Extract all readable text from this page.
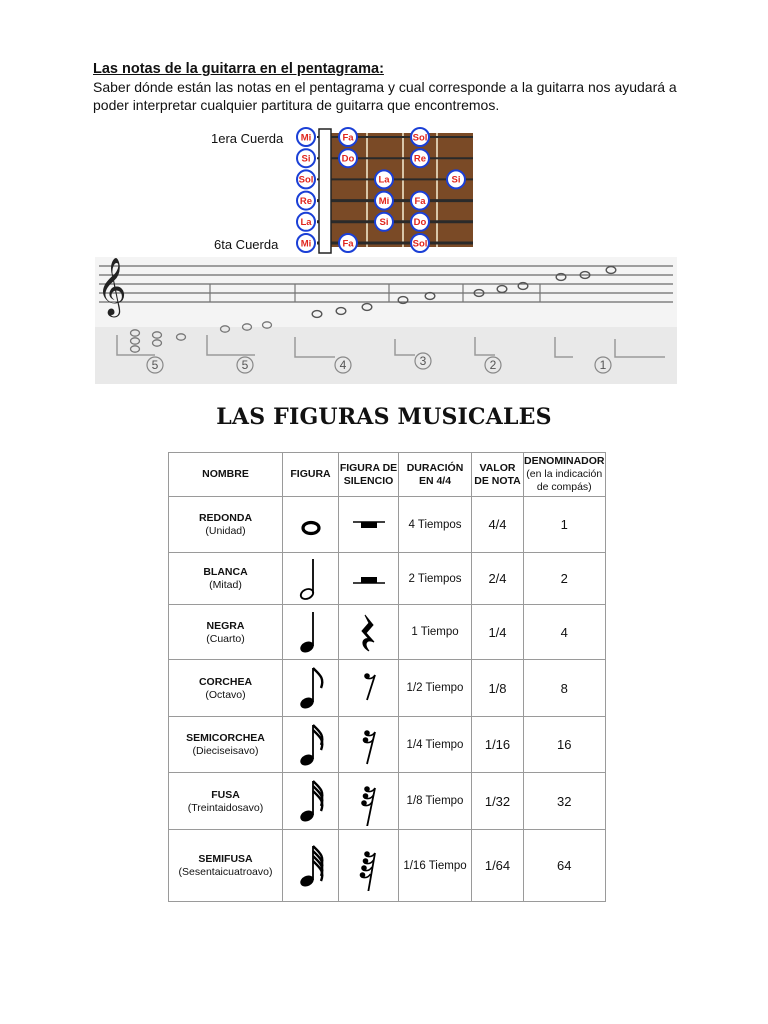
Las notas de la guitarra en el pentagrama:

Saber dónde están las notas en el pentagrama y cual corresponde a la guitarra nos ayudará a poder interpretar cualquier partitura de guitarra que encontremos.

1era Cuerda
6ta Cuerda
Mi	Fa	Sol
Si	Do	Re
Sol	La	Si
Re	Mi	Fa
La	Si	Do
Mi	Fa	Sol
𝄞
5	5	4	3	2	1
LAS FIGURAS MUSICALES
NOMBRE	FIGURA	FIGURA DE SILENCIO	DURACIÓN EN 4/4	VALOR DE NOTA	DENOMINADOR
(en la indicación de compás)

REDONDA
(Unidad)			4 Tiempos	4/4	1

BLANCA
(Mitad)			2 Tiempos	2/4	2

NEGRA
(Cuarto)			1 Tiempo	1/4	4

CORCHEA
(Octavo)			1/2 Tiempo	1/8	8

SEMICORCHEA
(Dieciseisavo)			1/4 Tiempo	1/16	16

FUSA
(Treintaidosavo)			1/8 Tiempo	1/32	32

SEMIFUSA
(Sesentaicuatroavo)			1/16 Tiempo	1/64	64
